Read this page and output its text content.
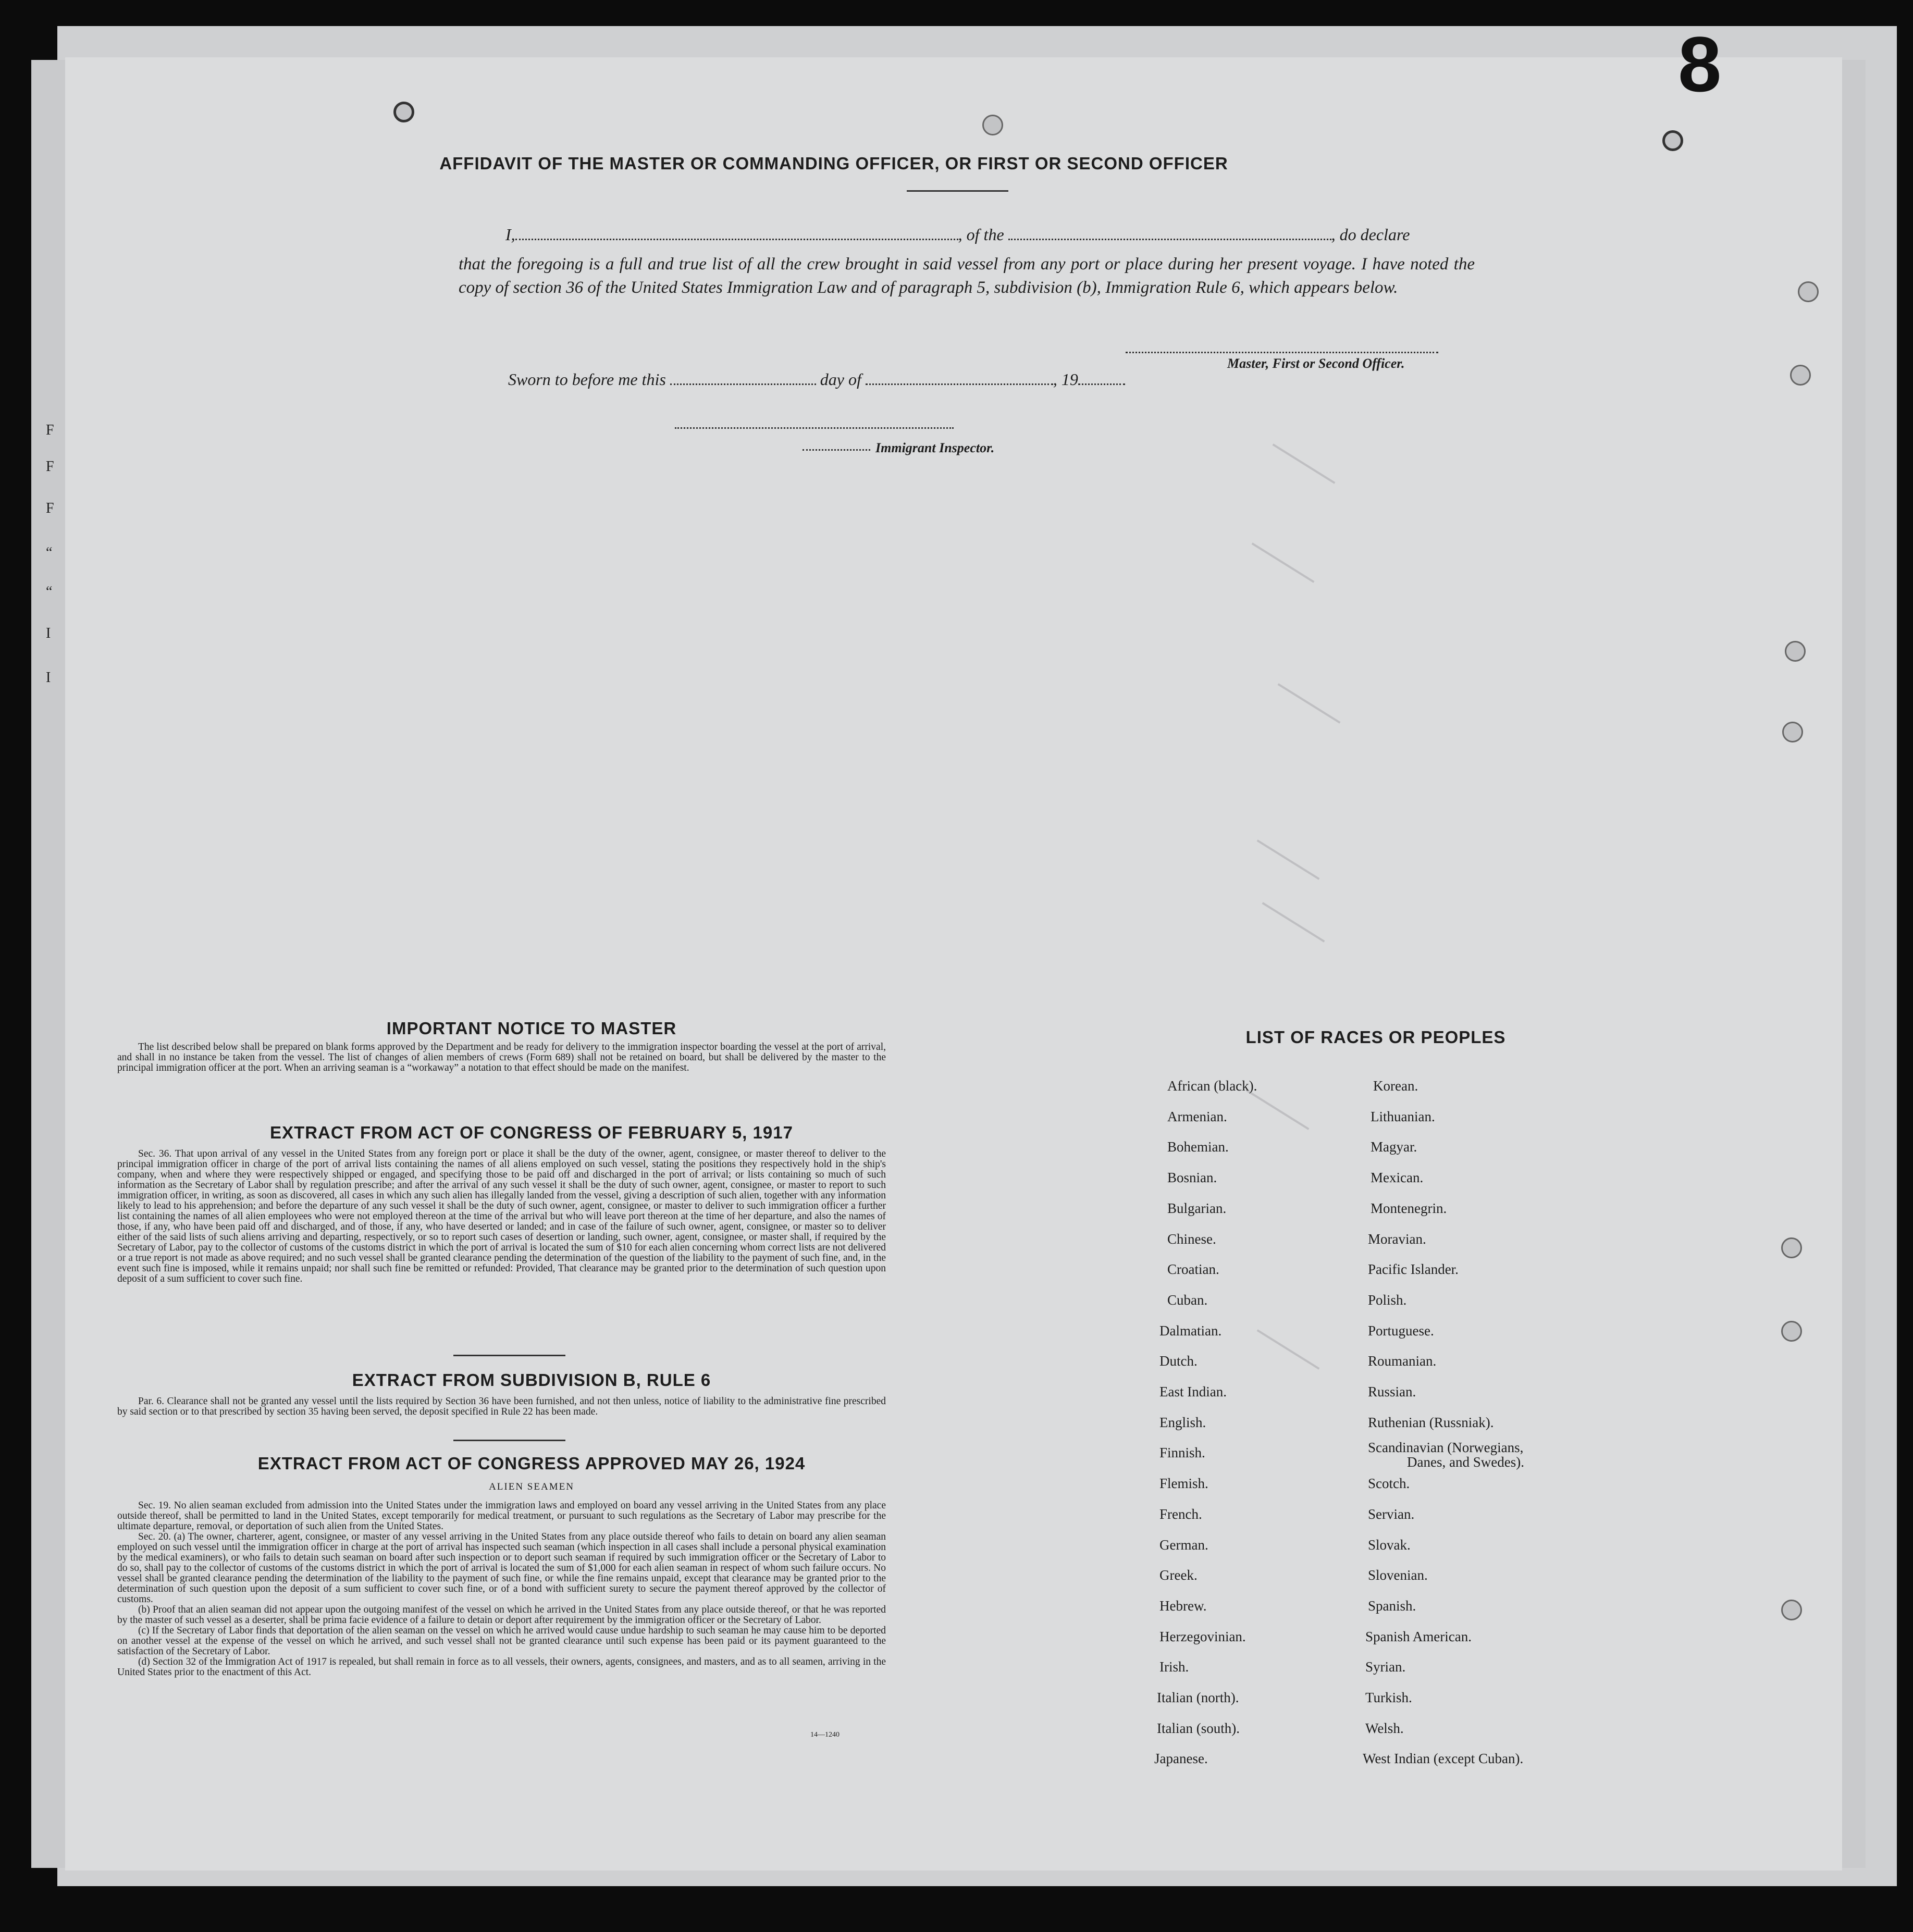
8
F
F
F
“
“
I
I
AFFIDAVIT OF THE MASTER OR COMMANDING OFFICER, OR FIRST OR SECOND OFFICER
I,	, of the	, do declare
that the foregoing is a full and true list of all the crew brought in said vessel from any port or place during her present voyage. I have noted the copy of section 36 of the United States Immigration Law and of paragraph 5, subdivision (b), Immigration Rule 6, which appears below.
Master, First or Second Officer.
Sworn to before me this	day of	, 19
Immigrant Inspector.
IMPORTANT NOTICE TO MASTER

The list described below shall be prepared on blank forms approved by the Department and be ready for delivery to the immigration inspector boarding the vessel at the port of arrival, and shall in no instance be taken from the vessel. The list of changes of alien members of crews (Form 689) shall not be retained on board, but shall be delivered by the master to the principal immigration officer at the port. When an arriving seaman is a “workaway” a notation to that effect should be made on the manifest.

EXTRACT FROM ACT OF CONGRESS OF FEBRUARY 5, 1917

Sec. 36. That upon arrival of any vessel in the United States from any foreign port or place it shall be the duty of the owner, agent, consignee, or master thereof to deliver to the principal immigration officer in charge of the port of arrival lists containing the names of all aliens employed on such vessel, stating the positions they respectively hold in the ship's company, when and where they were respectively shipped or engaged, and specifying those to be paid off and discharged in the port of arrival; or lists containing so much of such information as the Secretary of Labor shall by regulation prescribe; and after the arrival of any such vessel it shall be the duty of such owner, agent, consignee, or master to report to such immigration officer, in writing, as soon as discovered, all cases in which any such alien has illegally landed from the vessel, giving a description of such alien, together with any information likely to lead to his apprehension; and before the departure of any such vessel it shall be the duty of such owner, agent, consignee, or master to deliver to such immigration officer a further list containing the names of all alien employees who were not employed thereon at the time of the arrival but who will leave port thereon at the time of her departure, and also the names of those, if any, who have been paid off and discharged, and of those, if any, who have deserted or landed; and in case of the failure of such owner, agent, consignee, or master so to deliver either of the said lists of such aliens arriving and departing, respectively, or so to report such cases of desertion or landing, such owner, agent, consignee, or master shall, if required by the Secretary of Labor, pay to the collector of customs of the customs district in which the port of arrival is located the sum of $10 for each alien concerning whom correct lists are not delivered or a true report is not made as above required; and no such vessel shall be granted clearance pending the determination of the question of the liability to the payment of such fine, and, in the event such fine is imposed, while it remains unpaid; nor shall such fine be remitted or refunded: Provided, That clearance may be granted prior to the determination of such question upon deposit of a sum sufficient to cover such fine.

EXTRACT FROM SUBDIVISION B, RULE 6

Par. 6. Clearance shall not be granted any vessel until the lists required by Section 36 have been furnished, and not then unless, notice of liability to the administrative fine prescribed by said section or to that prescribed by section 35 having been served, the deposit specified in Rule 22 has been made.

EXTRACT FROM ACT OF CONGRESS APPROVED MAY 26, 1924
ALIEN SEAMEN

Sec. 19. No alien seaman excluded from admission into the United States under the immigration laws and employed on board any vessel arriving in the United States from any place outside thereof, shall be permitted to land in the United States, except temporarily for medical treatment, or pursuant to such regulations as the Secretary of Labor may prescribe for the ultimate departure, removal, or deportation of such alien from the United States.

Sec. 20. (a) The owner, charterer, agent, consignee, or master of any vessel arriving in the United States from any place outside thereof who fails to detain on board any alien seaman employed on such vessel until the immigration officer in charge at the port of arrival has inspected such seaman (which inspection in all cases shall include a personal physical examination by the medical examiners), or who fails to detain such seaman on board after such inspection or to deport such seaman if required by such immigration officer or the Secretary of Labor to do so, shall pay to the collector of customs of the customs district in which the port of arrival is located the sum of $1,000 for each alien seaman in respect of whom such failure occurs. No vessel shall be granted clearance pending the determination of the liability to the payment of such fine, or while the fine remains unpaid, except that clearance may be granted prior to the determination of such question upon the deposit of a sum sufficient to cover such fine, or of a bond with sufficient surety to secure the payment thereof approved by the collector of customs.

(b) Proof that an alien seaman did not appear upon the outgoing manifest of the vessel on which he arrived in the United States from any place outside thereof, or that he was reported by the master of such vessel as a deserter, shall be prima facie evidence of a failure to detain or deport after requirement by the immigration officer or the Secretary of Labor.

(c) If the Secretary of Labor finds that deportation of the alien seaman on the vessel on which he arrived would cause undue hardship to such seaman he may cause him to be deported on another vessel at the expense of the vessel on which he arrived, and such vessel shall not be granted clearance until such expense has been paid or its payment guaranteed to the satisfaction of the Secretary of Labor.

(d) Section 32 of the Immigration Act of 1917 is repealed, but shall remain in force as to all vessels, their owners, agents, consignees, and masters, and as to all seamen, arriving in the United States prior to the enactment of this Act.

14—1240
LIST OF RACES OR PEOPLES
African (black).
Armenian.
Bohemian.
Bosnian.
Bulgarian.
Chinese.
Croatian.
Cuban.
Dalmatian.
Dutch.
East Indian.
English.
Finnish.
Flemish.
French.
German.
Greek.
Hebrew.
Herzegovinian.
Irish.
Italian (north).
Italian (south).
Japanese.
Korean.
Lithuanian.
Magyar.
Mexican.
Montenegrin.
Moravian.
Pacific Islander.
Polish.
Portuguese.
Roumanian.
Russian.
Ruthenian (Russniak).
Scandinavian (Norwegians,
Scotch.
Servian.
Slovak.
Slovenian.
Spanish.
Spanish American.
Syrian.
Turkish.
Welsh.
West Indian (except Cuban).
Danes, and Swedes).
